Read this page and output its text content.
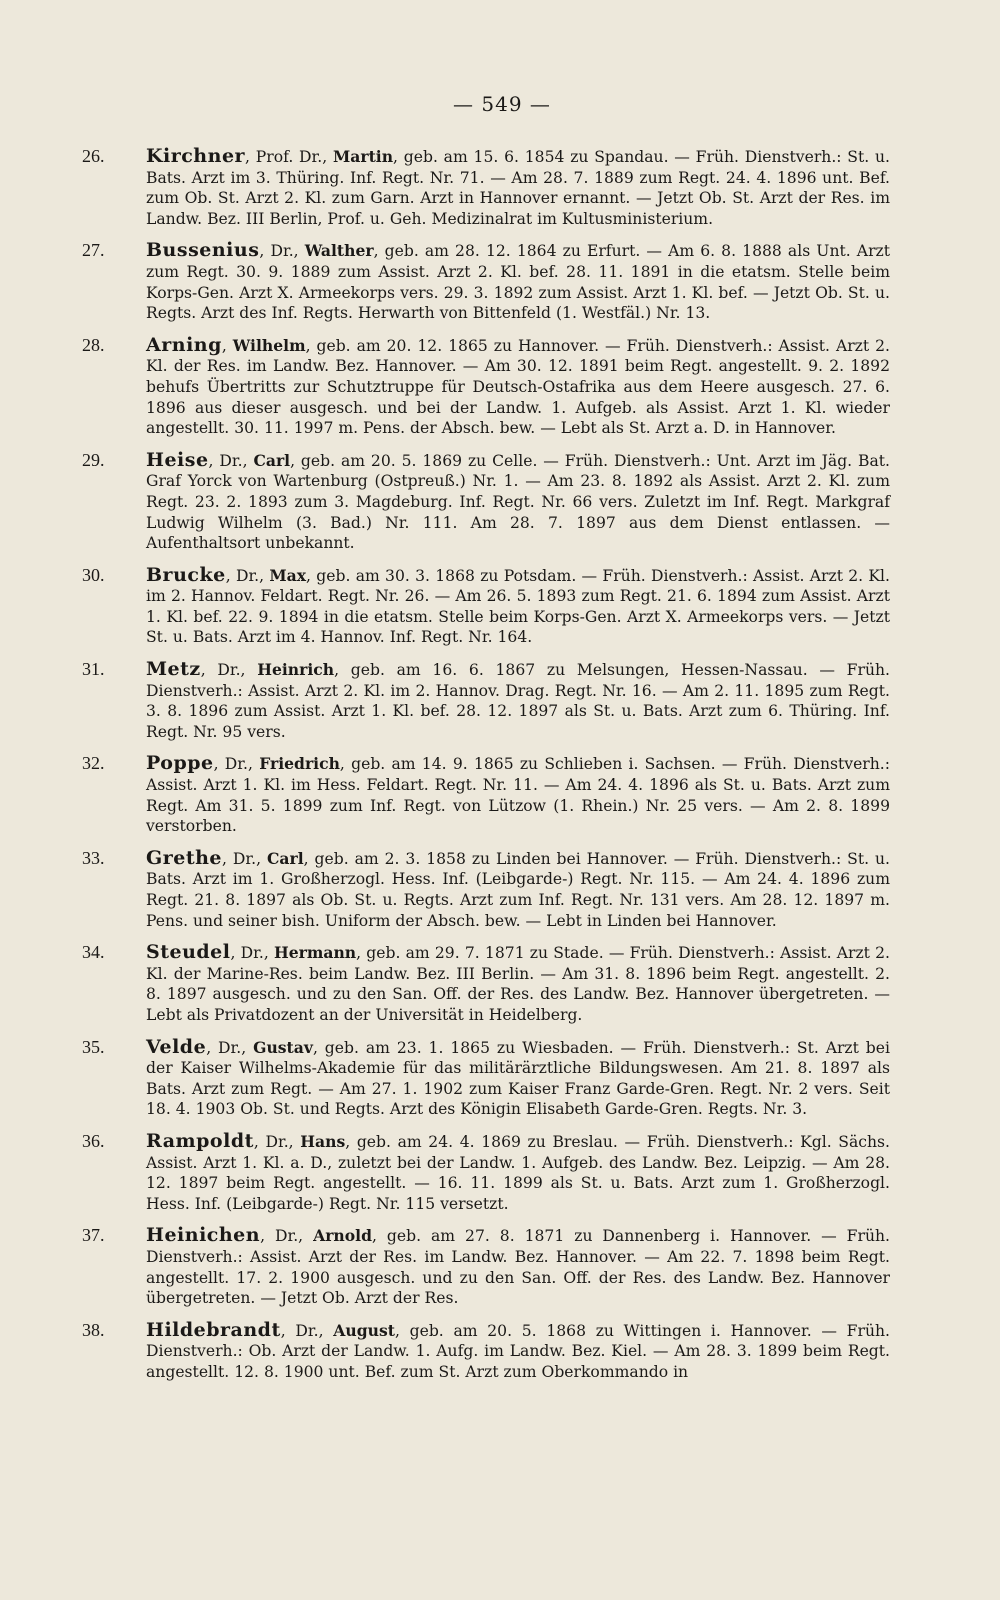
— 549 —
26. Kirchner, Prof. Dr., Martin, geb. am 15. 6. 1854 zu Spandau. — Früh. Dienstverh.: St. u. Bats. Arzt im 3. Thüring. Inf. Regt. Nr. 71. — Am 28. 7. 1889 zum Regt. 24. 4. 1896 unt. Bef. zum Ob. St. Arzt 2. Kl. zum Garn. Arzt in Hannover ernannt. — Jetzt Ob. St. Arzt der Res. im Landw. Bez. III Berlin, Prof. u. Geh. Medizinalrat im Kultusministerium.
27. Bussenius, Dr., Walther, geb. am 28. 12. 1864 zu Erfurt. — Am 6. 8. 1888 als Unt. Arzt zum Regt. 30. 9. 1889 zum Assist. Arzt 2. Kl. bef. 28. 11. 1891 in die etatsm. Stelle beim Korps-Gen. Arzt X. Armeekorps vers. 29. 3. 1892 zum Assist. Arzt 1. Kl. bef. — Jetzt Ob. St. u. Regts. Arzt des Inf. Regts. Herwarth von Bittenfeld (1. Westfäl.) Nr. 13.
28. Arning, Wilhelm, geb. am 20. 12. 1865 zu Hannover. — Früh. Dienstverh.: Assist. Arzt 2. Kl. der Res. im Landw. Bez. Hannover. — Am 30. 12. 1891 beim Regt. angestellt. 9. 2. 1892 behufs Übertritts zur Schutztruppe für Deutsch-Ostafrika aus dem Heere ausgesch. 27. 6. 1896 aus dieser ausgesch. und bei der Landw. 1. Aufgeb. als Assist. Arzt 1. Kl. wieder angestellt. 30. 11. 1997 m. Pens. der Absch. bew. — Lebt als St. Arzt a. D. in Hannover.
29. Heise, Dr., Carl, geb. am 20. 5. 1869 zu Celle. — Früh. Dienstverh.: Unt. Arzt im Jäg. Bat. Graf Yorck von Wartenburg (Ostpreuß.) Nr. 1. — Am 23. 8. 1892 als Assist. Arzt 2. Kl. zum Regt. 23. 2. 1893 zum 3. Magdeburg. Inf. Regt. Nr. 66 vers. Zuletzt im Inf. Regt. Markgraf Ludwig Wilhelm (3. Bad.) Nr. 111. Am 28. 7. 1897 aus dem Dienst entlassen. — Aufenthaltsort unbekannt.
30. Brucke, Dr., Max, geb. am 30. 3. 1868 zu Potsdam. — Früh. Dienstverh.: Assist. Arzt 2. Kl. im 2. Hannov. Feldart. Regt. Nr. 26. — Am 26. 5. 1893 zum Regt. 21. 6. 1894 zum Assist. Arzt 1. Kl. bef. 22. 9. 1894 in die etatsm. Stelle beim Korps-Gen. Arzt X. Armeekorps vers. — Jetzt St. u. Bats. Arzt im 4. Hannov. Inf. Regt. Nr. 164.
31. Metz, Dr., Heinrich, geb. am 16. 6. 1867 zu Melsungen, Hessen-Nassau. — Früh. Dienstverh.: Assist. Arzt 2. Kl. im 2. Hannov. Drag. Regt. Nr. 16. — Am 2. 11. 1895 zum Regt. 3. 8. 1896 zum Assist. Arzt 1. Kl. bef. 28. 12. 1897 als St. u. Bats. Arzt zum 6. Thüring. Inf. Regt. Nr. 95 vers.
32. Poppe, Dr., Friedrich, geb. am 14. 9. 1865 zu Schlieben i. Sachsen. — Früh. Dienstverh.: Assist. Arzt 1. Kl. im Hess. Feldart. Regt. Nr. 11. — Am 24. 4. 1896 als St. u. Bats. Arzt zum Regt. Am 31. 5. 1899 zum Inf. Regt. von Lützow (1. Rhein.) Nr. 25 vers. — Am 2. 8. 1899 verstorben.
33. Grethe, Dr., Carl, geb. am 2. 3. 1858 zu Linden bei Hannover. — Früh. Dienstverh.: St. u. Bats. Arzt im 1. Großherzogl. Hess. Inf. (Leibgarde-) Regt. Nr. 115. — Am 24. 4. 1896 zum Regt. 21. 8. 1897 als Ob. St. u. Regts. Arzt zum Inf. Regt. Nr. 131 vers. Am 28. 12. 1897 m. Pens. und seiner bish. Uniform der Absch. bew. — Lebt in Linden bei Hannover.
34. Steudel, Dr., Hermann, geb. am 29. 7. 1871 zu Stade. — Früh. Dienstverh.: Assist. Arzt 2. Kl. der Marine-Res. beim Landw. Bez. III Berlin. — Am 31. 8. 1896 beim Regt. angestellt. 2. 8. 1897 ausgesch. und zu den San. Off. der Res. des Landw. Bez. Hannover übergetreten. — Lebt als Privatdozent an der Universität in Heidelberg.
35. Velde, Dr., Gustav, geb. am 23. 1. 1865 zu Wiesbaden. — Früh. Dienstverh.: St. Arzt bei der Kaiser Wilhelms-Akademie für das militärärztliche Bildungswesen. Am 21. 8. 1897 als Bats. Arzt zum Regt. — Am 27. 1. 1902 zum Kaiser Franz Garde-Gren. Regt. Nr. 2 vers. Seit 18. 4. 1903 Ob. St. und Regts. Arzt des Königin Elisabeth Garde-Gren. Regts. Nr. 3.
36. Rampoldt, Dr., Hans, geb. am 24. 4. 1869 zu Breslau. — Früh. Dienstverh.: Kgl. Sächs. Assist. Arzt 1. Kl. a. D., zuletzt bei der Landw. 1. Aufgeb. des Landw. Bez. Leipzig. — Am 28. 12. 1897 beim Regt. angestellt. — 16. 11. 1899 als St. u. Bats. Arzt zum 1. Großherzogl. Hess. Inf. (Leibgarde-) Regt. Nr. 115 versetzt.
37. Heinichen, Dr., Arnold, geb. am 27. 8. 1871 zu Dannenberg i. Hannover. — Früh. Dienstverh.: Assist. Arzt der Res. im Landw. Bez. Hannover. — Am 22. 7. 1898 beim Regt. angestellt. 17. 2. 1900 ausgesch. und zu den San. Off. der Res. des Landw. Bez. Hannover übergetreten. — Jetzt Ob. Arzt der Res.
38. Hildebrandt, Dr., August, geb. am 20. 5. 1868 zu Wittingen i. Hannover. — Früh. Dienstverh.: Ob. Arzt der Landw. 1. Aufg. im Landw. Bez. Kiel. — Am 28. 3. 1899 beim Regt. angestellt. 12. 8. 1900 unt. Bef. zum St. Arzt zum Oberkommando in
